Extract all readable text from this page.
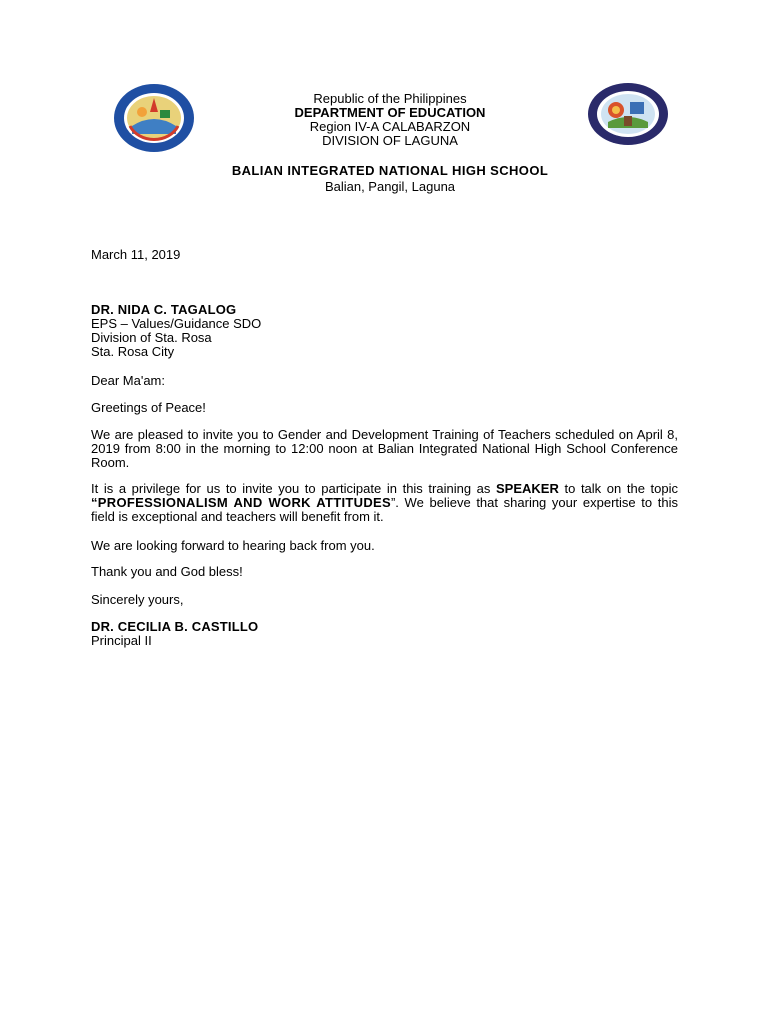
Republic of the Philippines
DEPARTMENT OF EDUCATION
Region IV-A CALABARZON
DIVISION OF LAGUNA
BALIAN INTEGRATED NATIONAL HIGH SCHOOL
Balian, Pangil, Laguna
March 11, 2019
DR. NIDA C. TAGALOG
EPS – Values/Guidance SDO
Division of Sta. Rosa
Sta. Rosa City
Dear Ma'am:
Greetings of Peace!
We are pleased to invite you to Gender and Development Training of Teachers scheduled on April 8, 2019 from 8:00 in the morning to 12:00 noon at Balian Integrated National High School Conference Room.
It is a privilege for us to invite you to participate in this training as SPEAKER to talk on the topic “PROFESSIONALISM AND WORK ATTITUDES”. We believe that sharing your expertise to this field is exceptional and teachers will benefit from it.
We are looking forward to hearing back from you.
Thank you and God bless!
Sincerely yours,
DR. CECILIA B. CASTILLO
Principal II
